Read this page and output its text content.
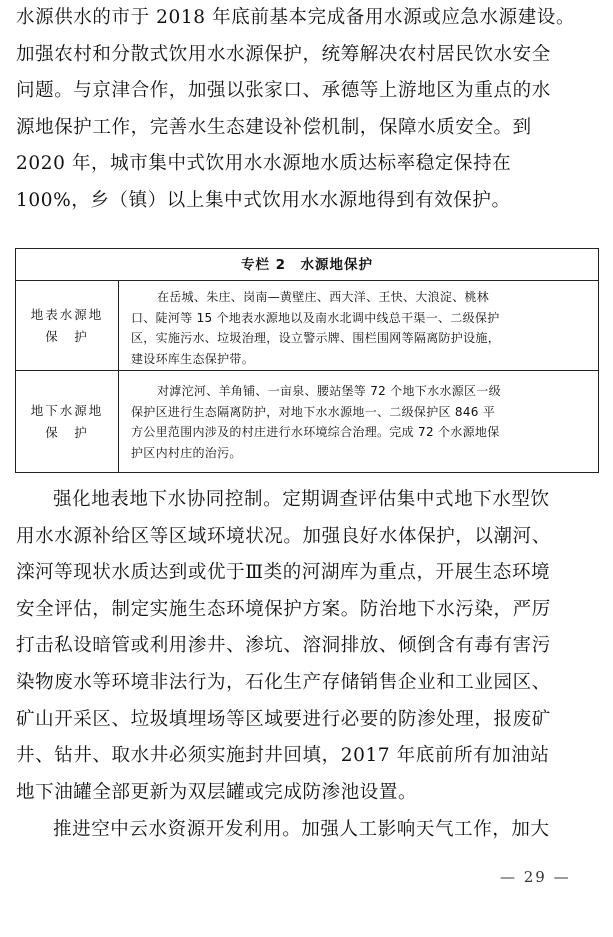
水源供水的市于 2018 年底前基本完成备用水源或应急水源建设。
加强农村和分散式饮用水水源保护，统筹解决农村居民饮水安全
问题。与京津合作，加强以张家口、承德等上游地区为重点的水
源地保护工作，完善水生态建设补偿机制，保障水质安全。到
2020 年，城市集中式饮用水水源地水质达标率稳定保持在
100%，乡（镇）以上集中式饮用水水源地得到有效保护。
专栏 2　水源地保护
地表水源地
保　护
在岳城、朱庄、岗南—黄壁庄、西大洋、王快、大浪淀、桃林
口、陡河等 15 个地表水源地以及南水北调中线总干渠一、二级保护
区，实施污水、垃圾治理，设立警示牌、围栏围网等隔离防护设施，
建设环库生态保护带。
地下水源地
保　护
对滹沱河、羊角铺、一亩泉、腰站堡等 72 个地下水水源区一级
保护区进行生态隔离防护，对地下水水源地一、二级保护区 846 平
方公里范围内涉及的村庄进行水环境综合治理。完成 72 个水源地保
护区内村庄的治污。
强化地表地下水协同控制。定期调查评估集中式地下水型饮
用水水源补给区等区域环境状况。加强良好水体保护，以潮河、
滦河等现状水质达到或优于Ⅲ类的河湖库为重点，开展生态环境
安全评估，制定实施生态环境保护方案。防治地下水污染，严厉
打击私设暗管或利用渗井、渗坑、溶洞排放、倾倒含有毒有害污
染物废水等环境非法行为，石化生产存储销售企业和工业园区、
矿山开采区、垃圾填埋场等区域要进行必要的防渗处理，报废矿
井、钻井、取水井必须实施封井回填，2017 年底前所有加油站
地下油罐全部更新为双层罐或完成防渗池设置。
推进空中云水资源开发利用。加强人工影响天气工作，加大
— 29 —
